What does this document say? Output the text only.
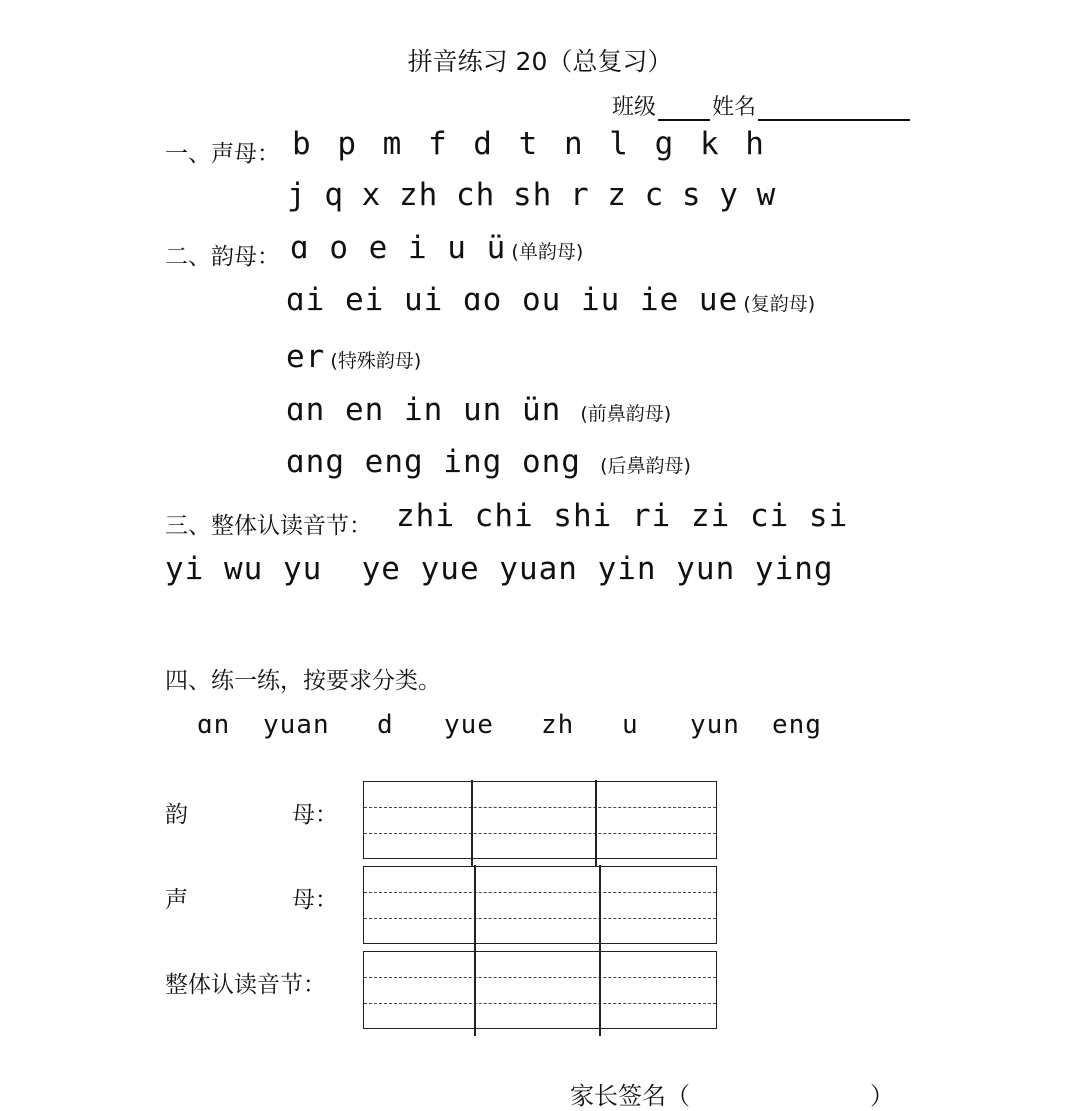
拼音练习 20（总复习）
班级	姓名
一、声母： b p m f d t n l g k h
j q x zh ch sh r z c s y w
二、韵母： ɑ o e i u ü (单韵母)
ɑi ei ui ɑo ou iu ie ue (复韵母)
er (特殊韵母)
ɑn en in un ün (前鼻韵母)
ɑng eng ing ong (后鼻韵母)
三、整体认读音节： zhi chi shi ri zi ci si
yi wu yu  ye yue yuan yin yun ying
四、练一练，按要求分类。
ɑn yuan d yue zh u yun eng
韵	母：
声	母：
整体认读音节：
家长签名（	）
